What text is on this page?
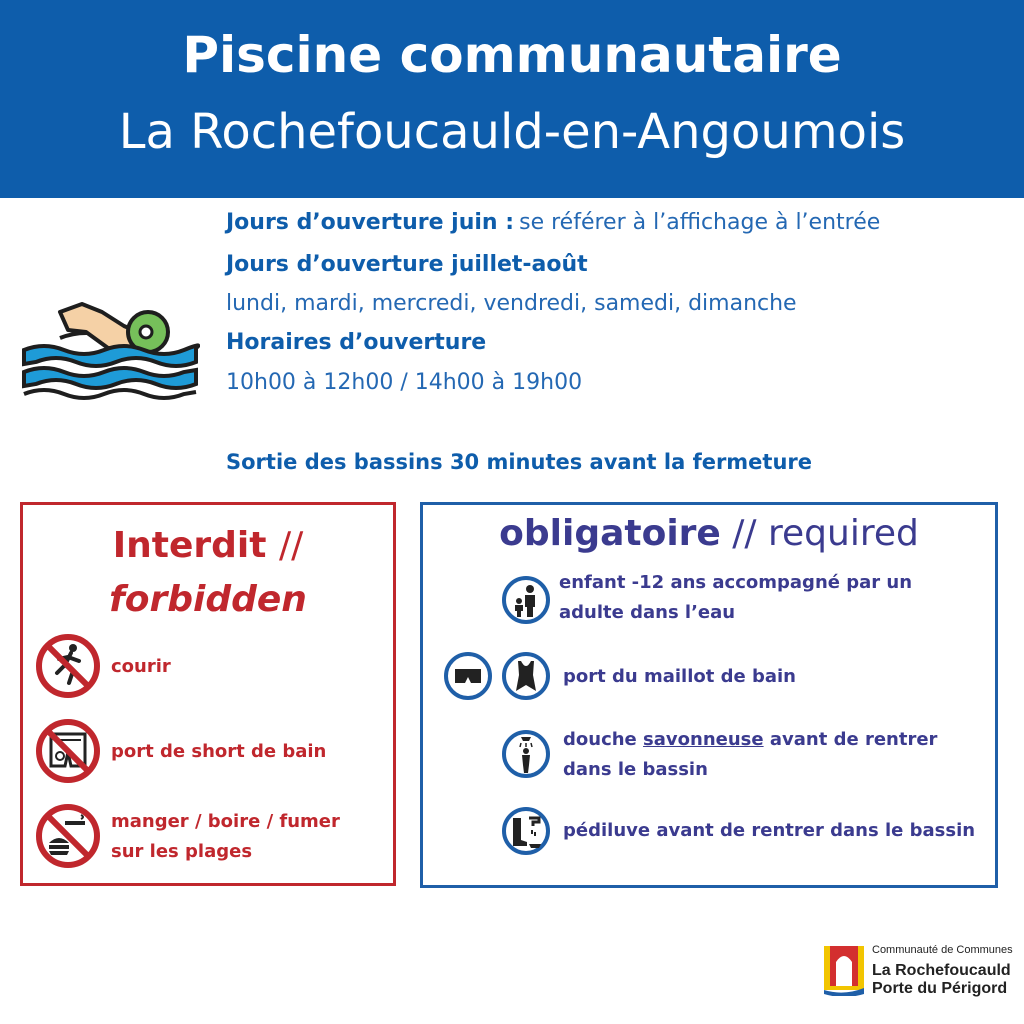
Piscine communautaire
La Rochefoucauld-en-Angoumois
Jours d’ouverture juin : se référer à l’affichage à l’entrée
Jours d’ouverture juillet-août
lundi, mardi, mercredi, vendredi, samedi, dimanche
Horaires d’ouverture
10h00 à 12h00 / 14h00 à 19h00
Sortie des bassins 30 minutes avant la fermeture
Interdit //
forbidden
courir
port de short de bain
manger / boire / fumer
sur les plages
obligatoire // required
enfant -12 ans accompagné par un
adulte dans l’eau
port du maillot de bain
douche savonneuse avant de rentrer
dans le bassin
pédiluve avant de rentrer dans le bassin
Communauté de Communes
La Rochefoucauld
Porte du Périgord
